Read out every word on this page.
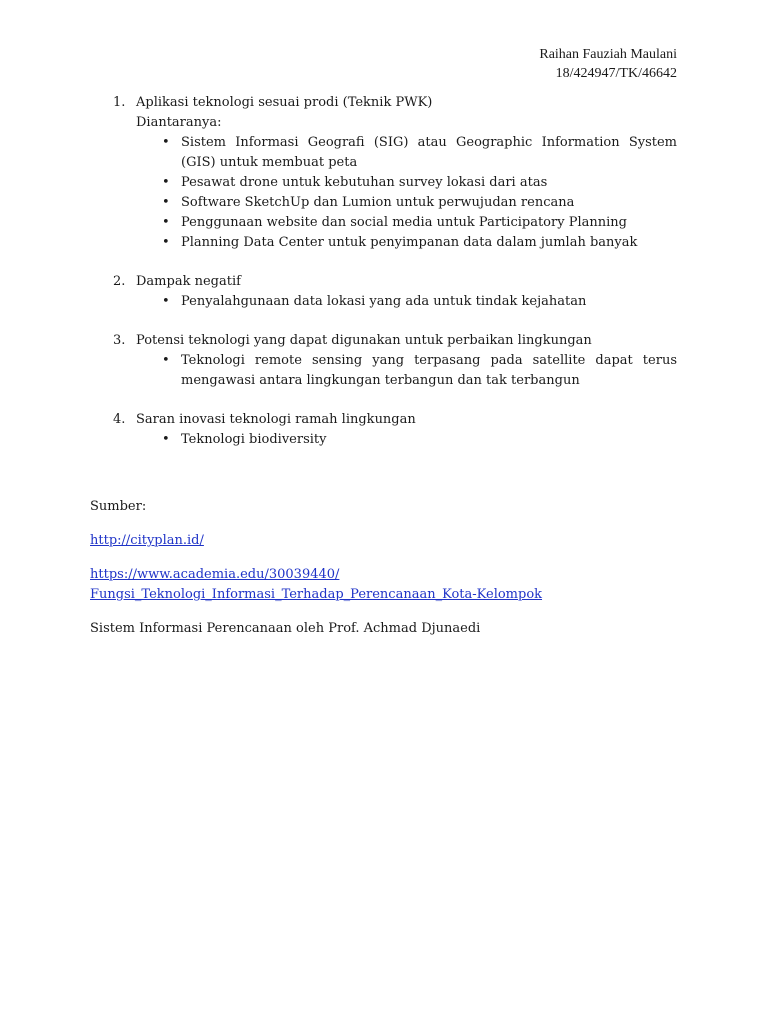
Raihan Fauziah Maulani
18/424947/TK/46642
1. Aplikasi teknologi sesuai prodi (Teknik PWK)
Diantaranya:
• Sistem Informasi Geografi (SIG) atau Geographic Information System (GIS) untuk membuat peta
• Pesawat drone untuk kebutuhan survey lokasi dari atas
• Software SketchUp dan Lumion untuk perwujudan rencana
• Penggunaan website dan social media untuk Participatory Planning
• Planning Data Center untuk penyimpanan data dalam jumlah banyak
2. Dampak negatif
• Penyalahgunaan data lokasi yang ada untuk tindak kejahatan
3. Potensi teknologi yang dapat digunakan untuk perbaikan lingkungan
• Teknologi remote sensing yang terpasang pada satellite dapat terus mengawasi antara lingkungan terbangun dan tak terbangun
4. Saran inovasi teknologi ramah lingkungan
• Teknologi biodiversity

Sumber:

http://cityplan.id/

https://www.academia.edu/30039440/

Fungsi_Teknologi_Informasi_Terhadap_Perencanaan_Kota-Kelompok

Sistem Informasi Perencanaan oleh Prof. Achmad Djunaedi
